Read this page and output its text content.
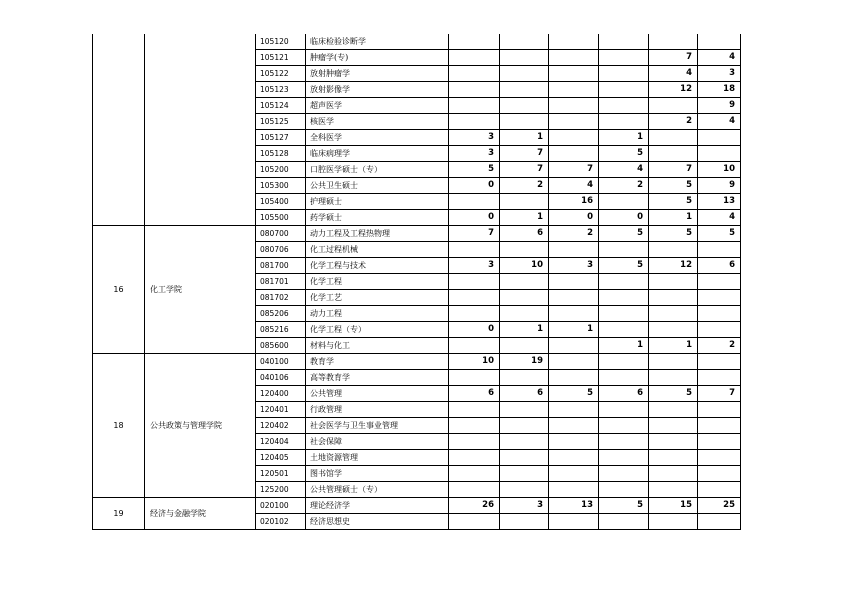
		105120	临床检验诊断学						
		105121	肿瘤学(专)					7	4
		105122	放射肿瘤学					4	3
		105123	放射影像学					12	18
		105124	超声医学						9
		105125	核医学					2	4
		105127	全科医学	3	1		1		
		105128	临床病理学	3	7		5		
		105200	口腔医学硕士（专）	5	7	7	4	7	10
		105300	公共卫生硕士	0	2	4	2	5	9
		105400	护理硕士			16		5	13
		105500	药学硕士	0	1	0	0	1	4
16	化工学院	080700	动力工程及工程热物理	7	6	2	5	5	5
		080706	化工过程机械						
		081700	化学工程与技术	3	10	3	5	12	6
		081701	化学工程						
		081702	化学工艺						
		085206	动力工程						
		085216	化学工程（专）	0	1	1			
		085600	材料与化工				1	1	2
18	公共政策与管理学院	040100	教育学	10	19				
		040106	高等教育学						
		120400	公共管理	6	6	5	6	5	7
		120401	行政管理						
		120402	社会医学与卫生事业管理						
		120404	社会保障						
		120405	土地资源管理						
		120501	图书馆学						
		125200	公共管理硕士（专）						
19	经济与金融学院	020100	理论经济学	26	3	13	5	15	25
		020102	经济思想史						
